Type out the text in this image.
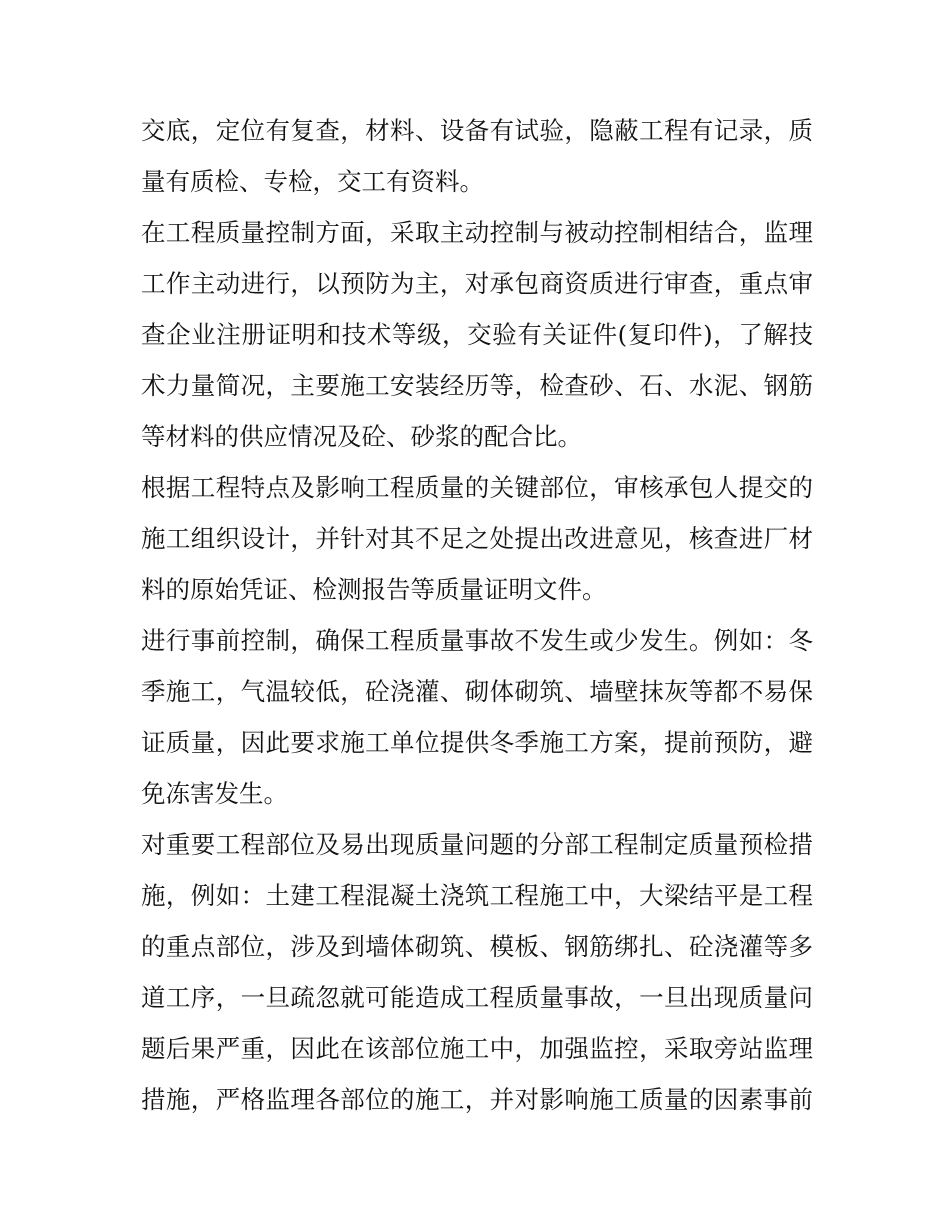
交底，定位有复查，材料、设备有试验，隐蔽工程有记录，质
量有质检、专检，交工有资料。
在工程质量控制方面，采取主动控制与被动控制相结合，监理
工作主动进行，以预防为主，对承包商资质进行审查，重点审
查企业注册证明和技术等级，交验有关证件(复印件)，了解技
术力量简况，主要施工安装经历等，检查砂、石、水泥、钢筋
等材料的供应情况及砼、砂浆的配合比。
根据工程特点及影响工程质量的关键部位，审核承包人提交的
施工组织设计，并针对其不足之处提出改进意见，核查进厂材
料的原始凭证、检测报告等质量证明文件。
进行事前控制，确保工程质量事故不发生或少发生。例如：冬
季施工，气温较低，砼浇灌、砌体砌筑、墙壁抹灰等都不易保
证质量，因此要求施工单位提供冬季施工方案，提前预防，避
免冻害发生。
对重要工程部位及易出现质量问题的分部工程制定质量预检措
施，例如：土建工程混凝土浇筑工程施工中，大梁结平是工程
的重点部位，涉及到墙体砌筑、模板、钢筋绑扎、砼浇灌等多
道工序，一旦疏忽就可能造成工程质量事故，一旦出现质量问
题后果严重，因此在该部位施工中，加强监控，采取旁站监理
措施，严格监理各部位的施工，并对影响施工质量的因素事前
